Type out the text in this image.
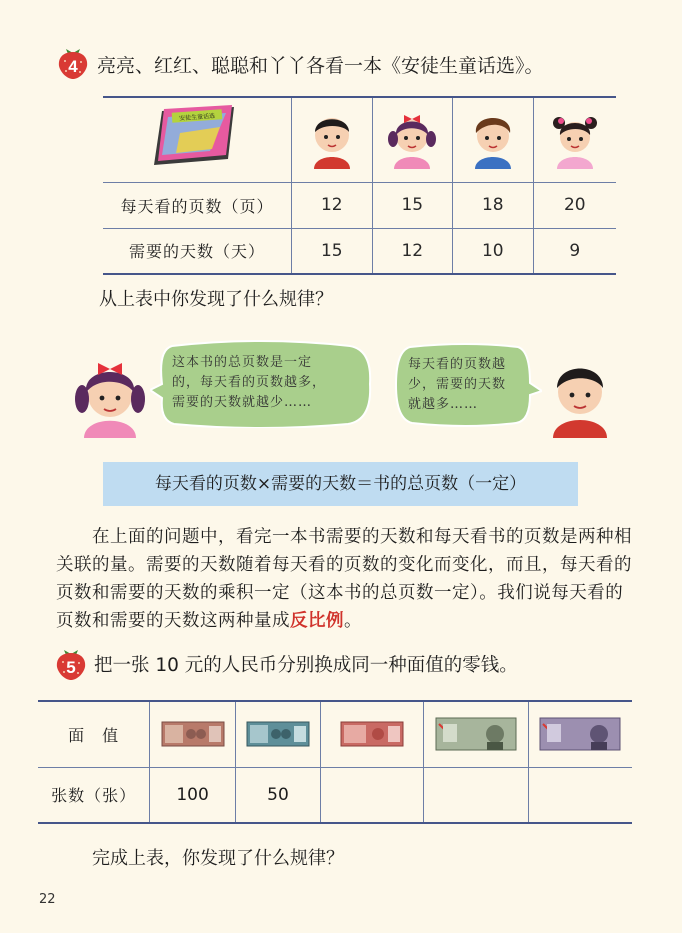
4 亮亮、红红、聪聪和丫丫各看一本《安徒生童话选》。
安徒生童话选

每天看的页数（页）	12	15	18	20
需要的天数（天）	15	12	10	9
从上表中你发现了什么规律？
这本书的总页数是一定
的，每天看的页数越多，
需要的天数就越少……
每天看的页数越
少，需要的天数
就越多……
每天看的页数×需要的天数＝书的总页数（一定）
在上面的问题中，看完一本书需要的天数和每天看书的页数是两种相关联的量。需要的天数随着每天看的页数的变化而变化，而且，每天看的页数和需要的天数的乘积一定（这本书的总页数一定）。我们说每天看的页数和需要的天数这两种量成反比例。
5 把一张 10 元的人民币分别换成同一种面值的零钱。
面　值					
张数（张）	100	50			
完成上表，你发现了什么规律？
22
